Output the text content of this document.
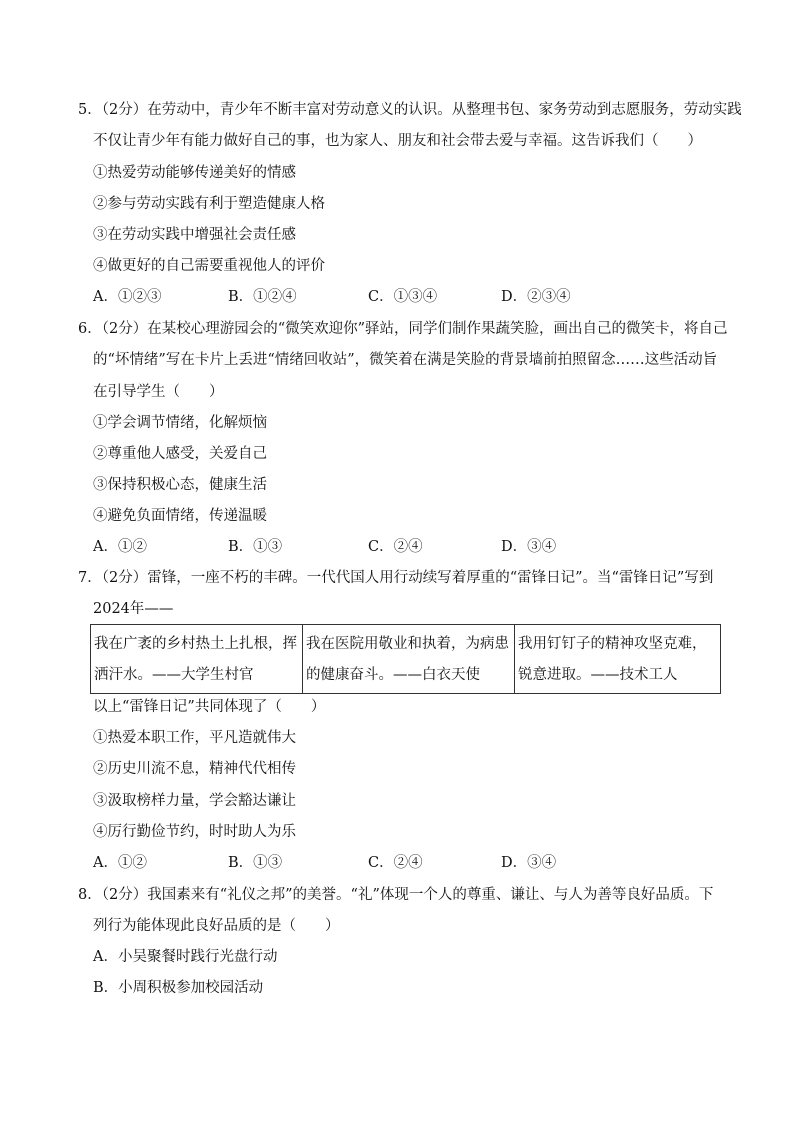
5．（2分）在劳动中，青少年不断丰富对劳动意义的认识。从整理书包、家务劳动到志愿服务，劳动实践
不仅让青少年有能力做好自己的事，也为家人、朋友和社会带去爱与幸福。这告诉我们（　　）
①热爱劳动能够传递美好的情感
②参与劳动实践有利于塑造健康人格
③在劳动实践中增强社会责任感
④做更好的自己需要重视他人的评价
A．①②③	B．①②④	C．①③④	D．②③④
6．（2分）在某校心理游园会的“微笑欢迎你”驿站，同学们制作果蔬笑脸，画出自己的微笑卡，将自己
的“坏情绪”写在卡片上丢进“情绪回收站”，微笑着在满是笑脸的背景墙前拍照留念……这些活动旨
在引导学生（　　）
①学会调节情绪，化解烦恼
②尊重他人感受，关爱自己
③保持积极心态，健康生活
④避免负面情绪，传递温暖
A．①②	B．①③	C．②④	D．③④
7．（2分）雷锋，一座不朽的丰碑。一代代国人用行动续写着厚重的“雷锋日记”。当“雷锋日记”写到
2024年——
我在广袤的乡村热土上扎根，挥洒汗水。——大学生村官	我在医院用敬业和执着，为病患的健康奋斗。——白衣天使	我用钉钉子的精神攻坚克难，锐意进取。——技术工人
以上“雷锋日记”共同体现了（　　）
①热爱本职工作，平凡造就伟大
②历史川流不息，精神代代相传
③汲取榜样力量，学会豁达谦让
④厉行勤俭节约，时时助人为乐
A．①②	B．①③	C．②④	D．③④
8．（2分）我国素来有“礼仪之邦”的美誉。“礼”体现一个人的尊重、谦让、与人为善等良好品质。下
列行为能体现此良好品质的是（　　）
A．小吴聚餐时践行光盘行动
B．小周积极参加校园活动
